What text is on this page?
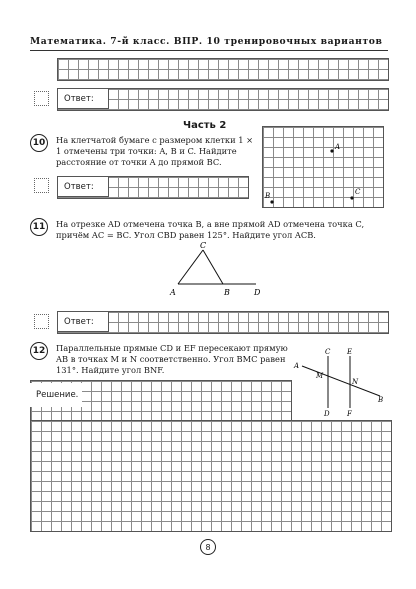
Математика. 7-й класс. ВПР. 10 тренировочных вариантов
Ответ:
Часть 2
10	На клетчатой бумаге с размером клетки 1 × 1 отмечены три точки: A, B и C. Найдите расстояние от точки A до прямой BC.
A
B	C
Ответ:
11	На отрезке AD отмечена точка B, а вне прямой AD отмечена точка C, причём AC = BC. Угол CBD равен 125°. Найдите угол ACB.
A	B
C
D
Ответ:
12	Параллельные прямые CD и EF пересекают прямую AB в точках M и N соответственно. Угол BMC равен 131°. Найдите угол BNF.
C E
A
M
N
B
D F
Решение.
8
